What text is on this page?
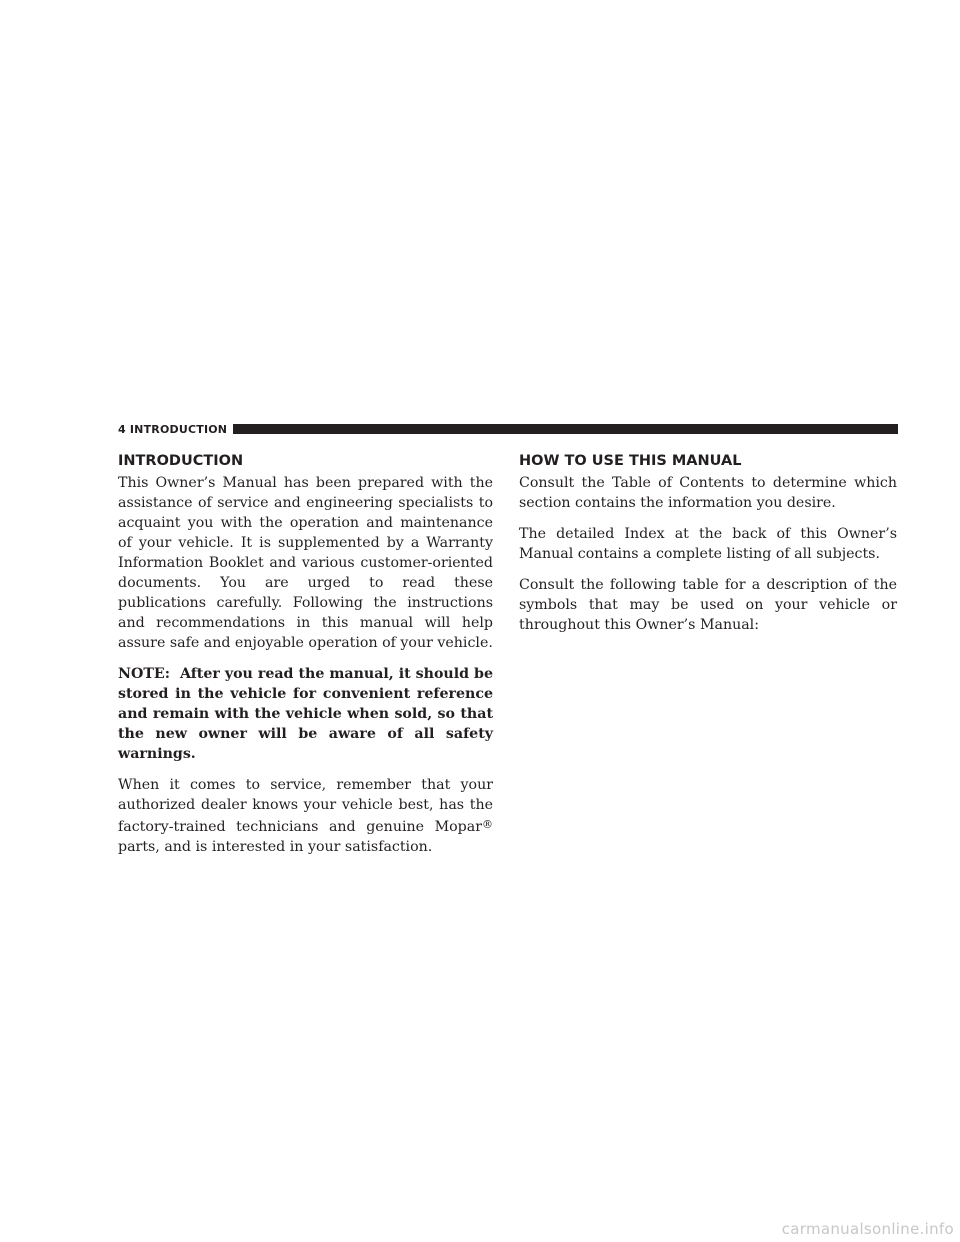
4 INTRODUCTION
INTRODUCTION

This Owner’s Manual has been prepared with the assistance of service and engineering specialists to acquaint you with the operation and maintenance of your vehicle. It is supplemented by a Warranty Information Booklet and various customer-oriented documents. You are urged to read these publications carefully. Following the instructions and recommendations in this manual will help assure safe and enjoyable operation of your vehicle.

NOTE: After you read the manual, it should be stored in the vehicle for convenient reference and remain with the vehicle when sold, so that the new owner will be aware of all safety warnings.

When it comes to service, remember that your authorized dealer knows your vehicle best, has the factory-trained technicians and genuine Mopar® parts, and is interested in your satisfaction.

HOW TO USE THIS MANUAL

Consult the Table of Contents to determine which section contains the information you desire.

The detailed Index at the back of this Owner’s Manual contains a complete listing of all subjects.

Consult the following table for a description of the symbols that may be used on your vehicle or throughout this Owner’s Manual:

carmanualsonline.info
